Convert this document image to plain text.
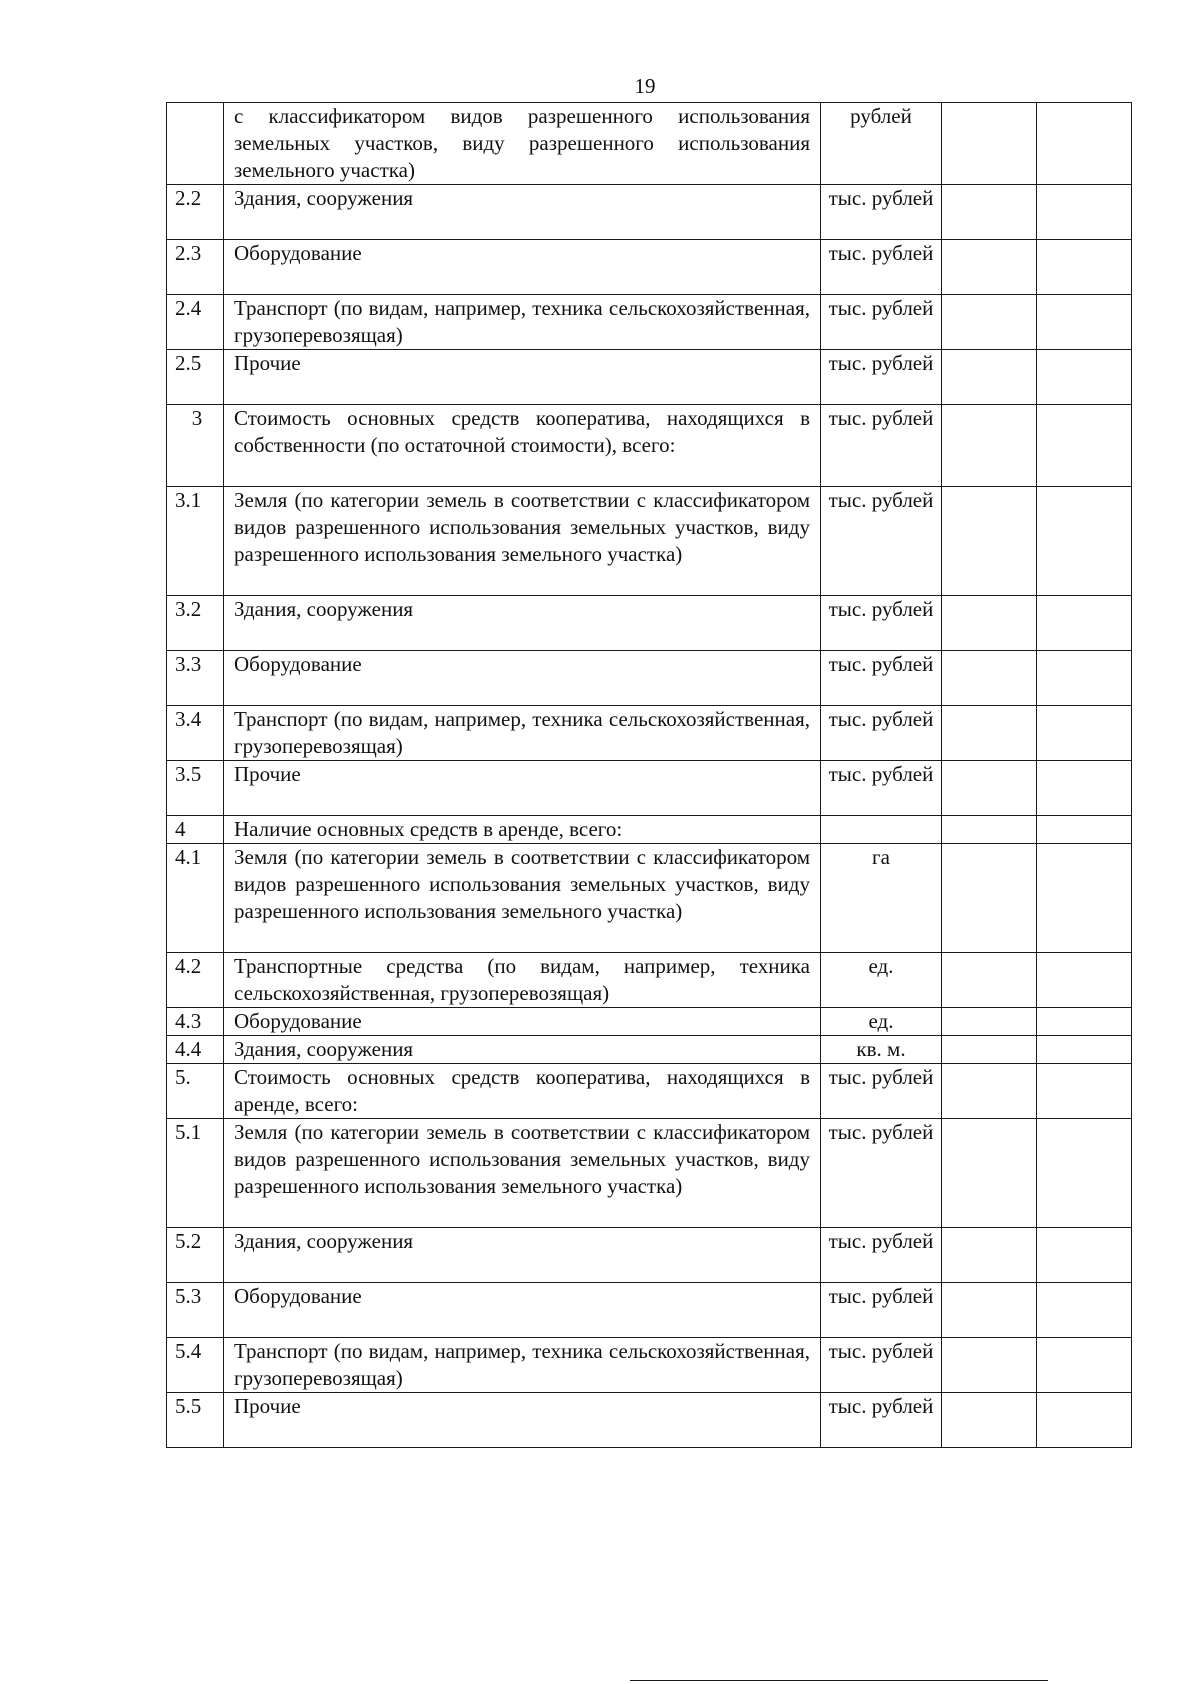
19
	с классификатором видов разрешенного использования земельных участков, виду разрешенного использования земельного участка)	рублей		
2.2	Здания, сооружения	тыс. рублей		
2.3	Оборудование	тыс. рублей		
2.4	Транспорт (по видам, например, техника сельскохозяйственная, грузоперевозящая)	тыс. рублей		
2.5	Прочие	тыс. рублей		
3	Стоимость основных средств кооператива, находящихся в собственности (по остаточной стоимости), всего:	тыс. рублей		
3.1	Земля (по категории земель в соответствии с классификатором видов разрешенного использования земельных участков, виду разрешенного использования земельного участка)	тыс. рублей		
3.2	Здания, сооружения	тыс. рублей		
3.3	Оборудование	тыс. рублей		
3.4	Транспорт (по видам, например, техника сельскохозяйственная, грузоперевозящая)	тыс. рублей		
3.5	Прочие	тыс. рублей		
4	Наличие основных средств в аренде, всего:			
4.1	Земля (по категории земель в соответствии с классификатором видов разрешенного использования земельных участков, виду разрешенного использования земельного участка)	га		
4.2	Транспортные средства (по видам, например, техника сельскохозяйственная, грузоперевозящая)	ед.		
4.3	Оборудование	ед.		
4.4	Здания, сооружения	кв. м.		
5.	Стоимость основных средств кооператива, находящихся в аренде, всего:	тыс. рублей		
5.1	Земля (по категории земель в соответствии с классификатором видов разрешенного использования земельных участков, виду разрешенного использования земельного участка)	тыс. рублей		
5.2	Здания, сооружения	тыс. рублей		
5.3	Оборудование	тыс. рублей		
5.4	Транспорт (по видам, например, техника сельскохозяйственная, грузоперевозящая)	тыс. рублей		
5.5	Прочие	тыс. рублей		
